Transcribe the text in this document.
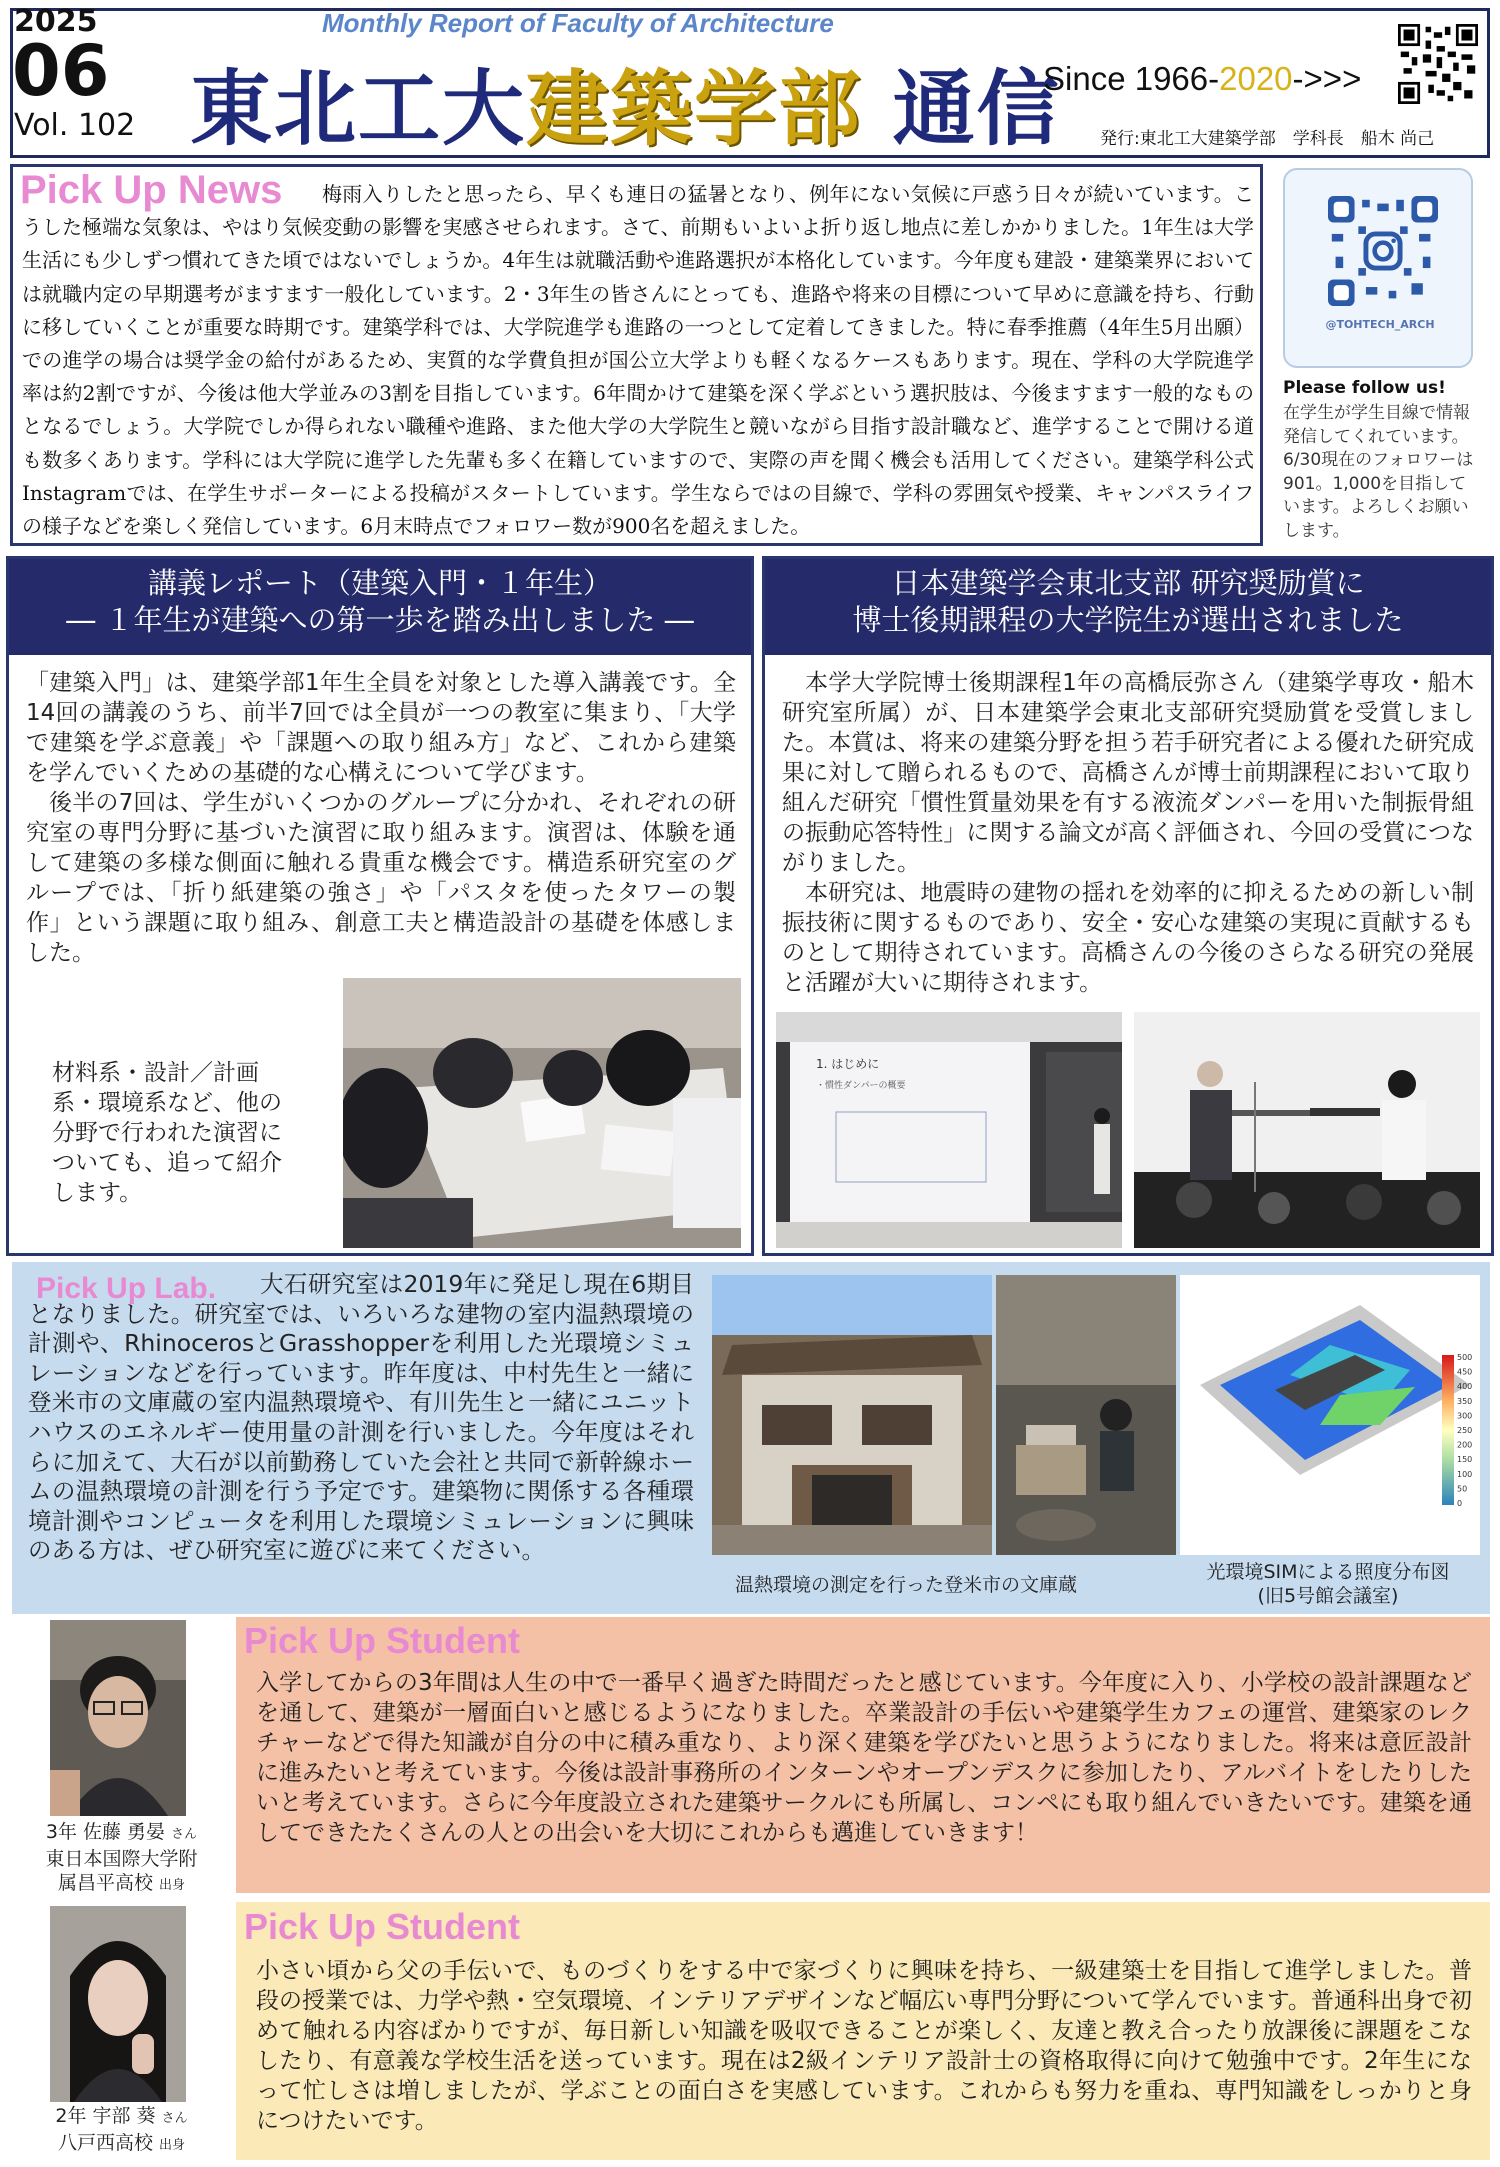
2025
06
Vol. 102
Monthly Report of Faculty of Architecture
東北工大建築学部 通信
Since 1966-2020->>>
発行:東北工大建築学部　学科長　船木 尚己
梅雨入りしたと思ったら、早くも連日の猛暑となり、例年にない気候に戸惑う日々が続いています。こうした極端な気象は、やはり気候変動の影響を実感させられます。さて、前期もいよいよ折り返し地点に差しかかりました。1年生は大学生活にも少しずつ慣れてきた頃ではないでしょうか。4年生は就職活動や進路選択が本格化しています。今年度も建設・建築業界においては就職内定の早期選考がますます一般化しています。2・3年生の皆さんにとっても、進路や将来の目標について早めに意識を持ち、行動に移していくことが重要な時期です。建築学科では、大学院進学も進路の一つとして定着してきました。特に春季推薦（4年生5月出願）での進学の場合は奨学金の給付があるため、実質的な学費負担が国公立大学よりも軽くなるケースもあります。現在、学科の大学院進学率は約2割ですが、今後は他大学並みの3割を目指しています。6年間かけて建築を深く学ぶという選択肢は、今後ますます一般的なものとなるでしょう。大学院でしか得られない職種や進路、また他大学の大学院生と競いながら目指す設計職など、進学することで開ける道も数多くあります。学科には大学院に進学した先輩も多く在籍していますので、実際の声を聞く機会も活用してください。建築学科公式Instagramでは、在学生サポーターによる投稿がスタートしています。学生ならではの目線で、学科の雰囲気や授業、キャンパスライフの様子などを楽しく発信しています。6月末時点でフォロワー数が900名を超えました。
Pick Up News
@TOHTECH_ARCH
Please follow us!
在学生が学生目線で情報発信してくれています。6/30現在のフォロワーは901。1,000を目指しています。よろしくお願いします。
講義レポート（建築入門・１年生）
― １年生が建築への第一歩を踏み出しました ―
「建築入門」は、建築学部1年生全員を対象とした導入講義です。全14回の講義のうち、前半7回では全員が一つの教室に集まり、「大学で建築を学ぶ意義」や「課題への取り組み方」など、これから建築を学んでいくための基礎的な心構えについて学びます。
後半の7回は、学生がいくつかのグループに分かれ、それぞれの研究室の専門分野に基づいた演習に取り組みます。演習は、体験を通して建築の多様な側面に触れる貴重な機会です。構造系研究室のグループでは、「折り紙建築の強さ」や「パスタを使ったタワーの製作」という課題に取り組み、創意工夫と構造設計の基礎を体感しました。
材料系・設計／計画系・環境系など、他の分野で行われた演習についても、追って紹介します。
日本建築学会東北支部 研究奨励賞に
博士後期課程の大学院生が選出されました
本学大学院博士後期課程1年の高橋辰弥さん（建築学専攻・船木研究室所属）が、日本建築学会東北支部研究奨励賞を受賞しました。本賞は、将来の建築分野を担う若手研究者による優れた研究成果に対して贈られるもので、高橋さんが博士前期課程において取り組んだ研究「慣性質量効果を有する液流ダンパーを用いた制振骨組の振動応答特性」に関する論文が高く評価され、今回の受賞につながりました。
本研究は、地震時の建物の揺れを効率的に抑えるための新しい制振技術に関するものであり、安全・安心な建築の実現に貢献するものとして期待されています。高橋さんの今後のさらなる研究の発展と活躍が大いに期待されます。
1. はじめに
・慣性ダンパーの概要
大石研究室は2019年に発足し現在6期目となりました。研究室では、いろいろな建物の室内温熱環境の計測や、RhinocerosとGrasshopperを利用した光環境シミュレーションなどを行っています。昨年度は、中村先生と一緒に登米市の文庫蔵の室内温熱環境や、有川先生と一緒にユニットハウスのエネルギー使用量の計測を行いました。今年度はそれらに加えて、大石が以前勤務していた会社と共同で新幹線ホームの温熱環境の計測を行う予定です。建築物に関係する各種環境計測やコンピュータを利用した環境シミュレーションに興味のある方は、ぜひ研究室に遊びに来てください。
Pick Up Lab.
500
450
400
350
300
250
200
150
100
50
0
温熱環境の測定を行った登米市の文庫蔵
光環境SIMによる照度分布図
(旧5号館会議室)
Pick Up Student
入学してからの3年間は人生の中で一番早く過ぎた時間だったと感じています。今年度に入り、小学校の設計課題などを通して、建築が一層面白いと感じるようになりました。卒業設計の手伝いや建築学生カフェの運営、建築家のレクチャーなどで得た知識が自分の中に積み重なり、より深く建築を学びたいと思うようになりました。将来は意匠設計に進みたいと考えています。今後は設計事務所のインターンやオープンデスクに参加したり、アルバイトをしたりしたいと考えています。さらに今年度設立された建築サークルにも所属し、コンペにも取り組んでいきたいです。建築を通してできたたくさんの人との出会いを大切にこれからも邁進していきます！
3年 佐藤 勇晏 さん
東日本国際大学附
属昌平高校 出身
Pick Up Student
小さい頃から父の手伝いで、ものづくりをする中で家づくりに興味を持ち、一級建築士を目指して進学しました。普段の授業では、力学や熱・空気環境、インテリアデザインなど幅広い専門分野について学んでいます。普通科出身で初めて触れる内容ばかりですが、毎日新しい知識を吸収できることが楽しく、友達と教え合ったり放課後に課題をこなしたり、有意義な学校生活を送っています。現在は2級インテリア設計士の資格取得に向けて勉強中です。2年生になって忙しさは増しましたが、学ぶことの面白さを実感しています。これからも努力を重ね、専門知識をしっかりと身につけたいです。
2年 宇部 葵 さん
八戸西高校 出身
